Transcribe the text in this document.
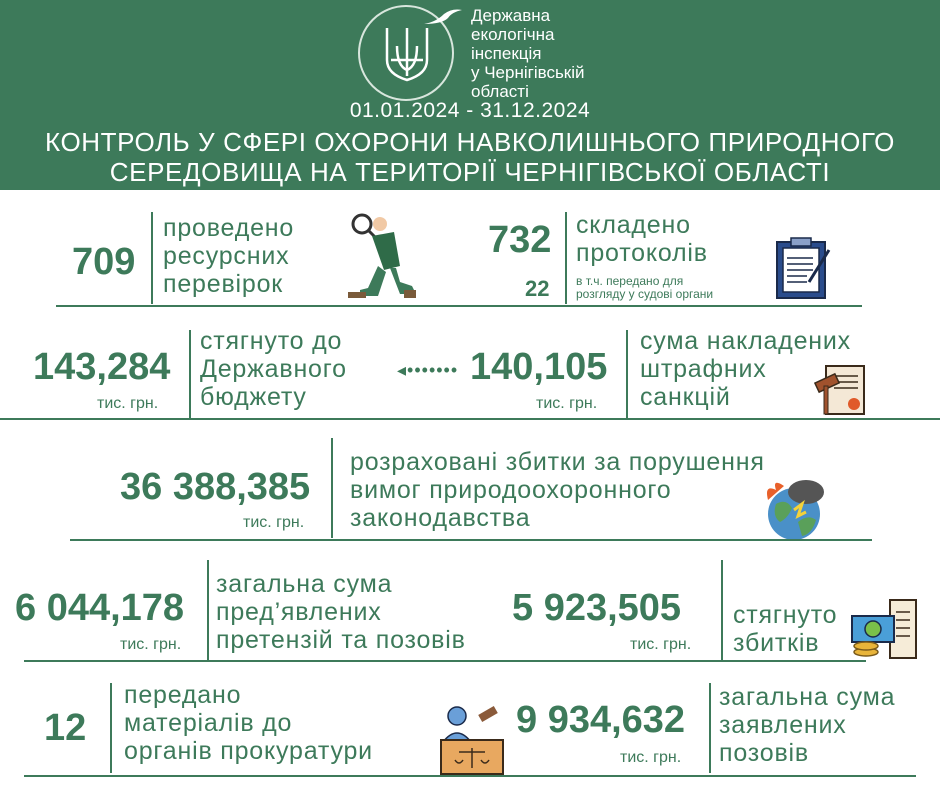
Державна
екологічна
інспекція
у Чернігівській
області
01.01.2024 - 31.12.2024
КОНТРОЛЬ У СФЕРІ ОХОРОНИ НАВКОЛИШНЬОГО ПРИРОДНОГО
СЕРЕДОВИЩА НА ТЕРИТОРІЇ ЧЕРНІГІВСЬКОЇ ОБЛАСТІ
709
проведено
ресурсних
перевірок
732 складено
протоколів
22 в т.ч. передано для
розгляду у судові органи
143,284
тис. грн.
стягнуто до
Державного
бюджету
◂••••••• 140,105
тис. грн.
сума накладених
штрафних
санкцій
36 388,385
тис. грн.
розраховані збитки за порушення
вимог природоохоронного
законодавства
6 044,178
тис. грн.
загальна сума
пред’явлених
претензій та позовів
5 923,505
тис. грн.
стягнуто
збитків
12
передано
матеріалів до
органів прокуратури
9 934,632
тис. грн.
загальна сума
заявлених
позовів
